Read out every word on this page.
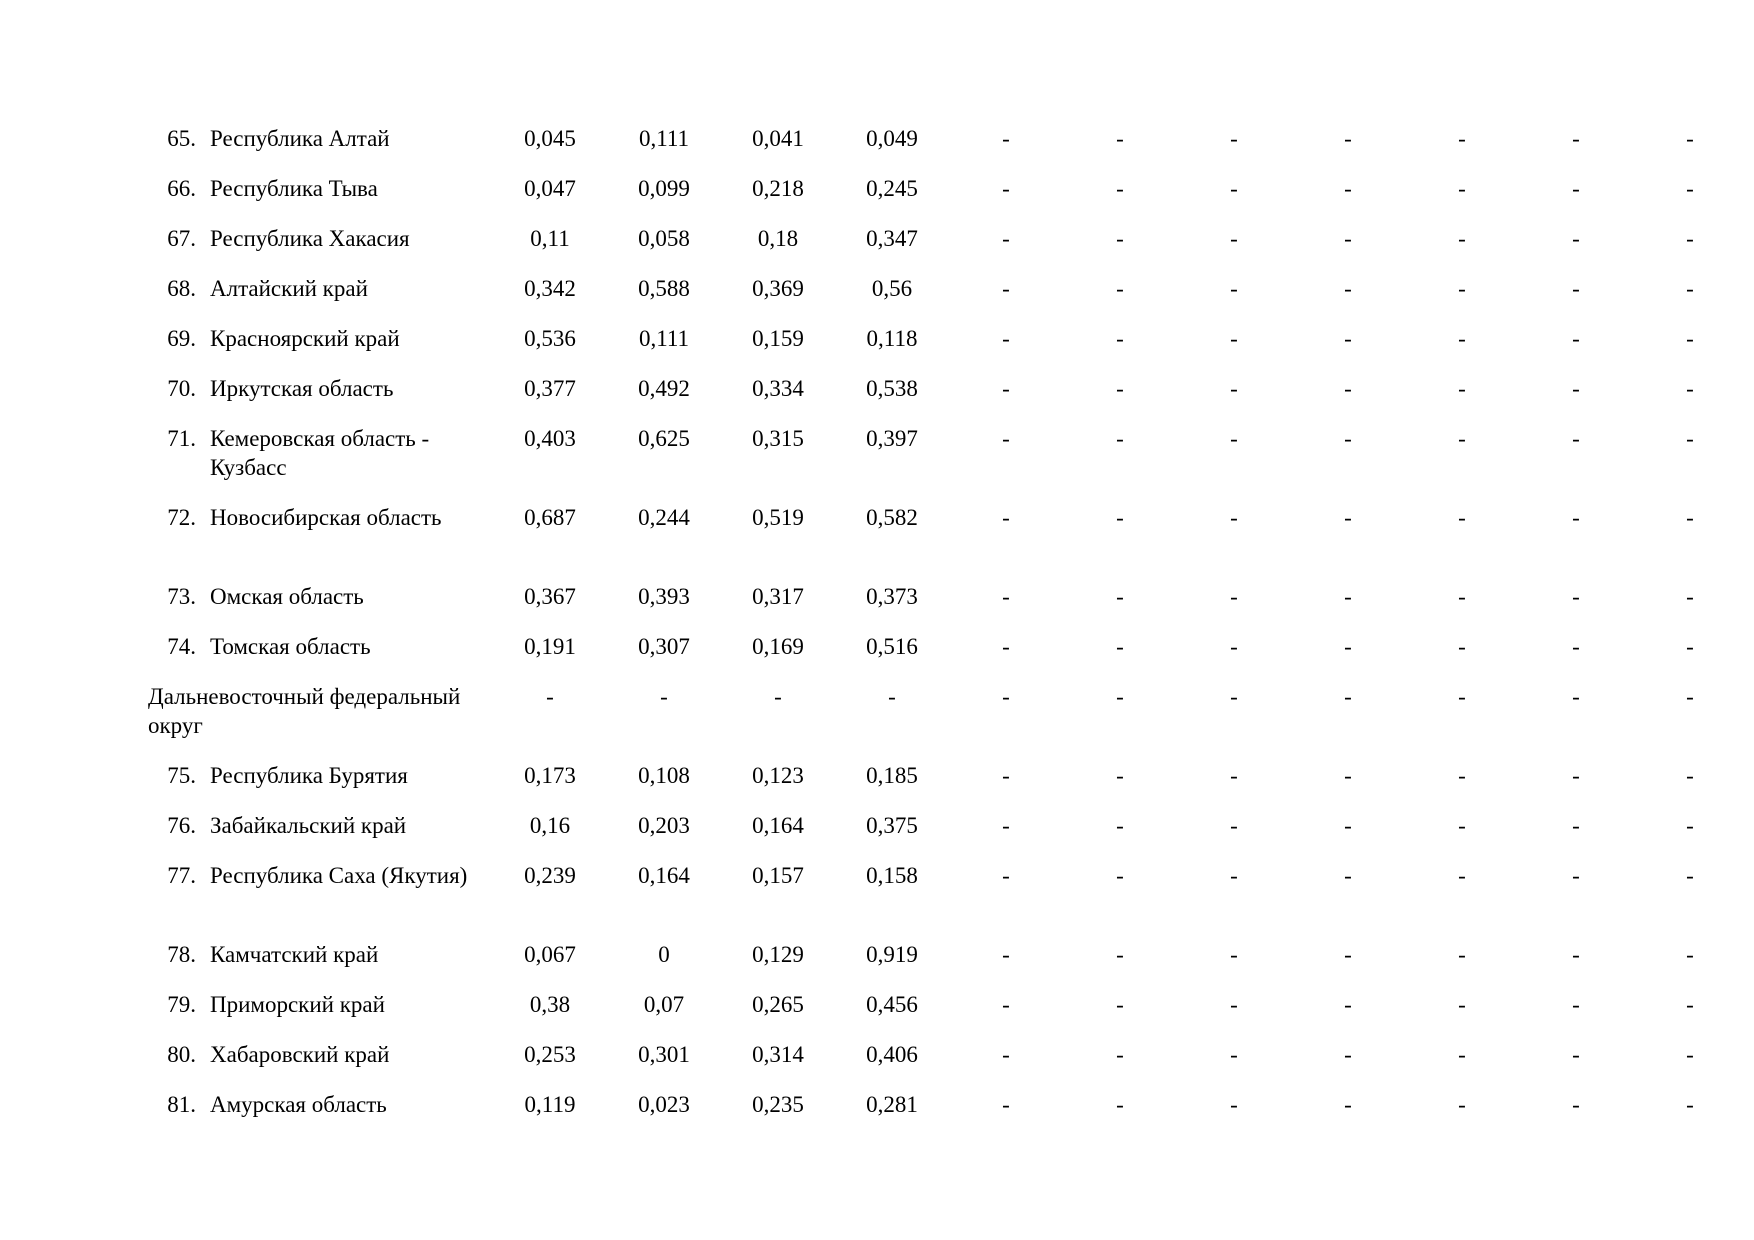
65.	Республика Алтай	0,045	0,111	0,041	0,049	-	-	-	-	-	-	-
66.	Республика Тыва	0,047	0,099	0,218	0,245	-	-	-	-	-	-	-
67.	Республика Хакасия	0,11	0,058	0,18	0,347	-	-	-	-	-	-	-
68.	Алтайский край	0,342	0,588	0,369	0,56	-	-	-	-	-	-	-
69.	Красноярский край	0,536	0,111	0,159	0,118	-	-	-	-	-	-	-
70.	Иркутская область	0,377	0,492	0,334	0,538	-	-	-	-	-	-	-
71.	Кемеровская область - Кузбасс	0,403	0,625	0,315	0,397	-	-	-	-	-	-	-
72.	Новосибирская область	0,687	0,244	0,519	0,582	-	-	-	-	-	-	-
73.	Омская область	0,367	0,393	0,317	0,373	-	-	-	-	-	-	-
74.	Томская область	0,191	0,307	0,169	0,516	-	-	-	-	-	-	-
Дальневосточный федеральный округ		-	-	-	-	-	-	-	-	-	-	-
75.	Республика Бурятия	0,173	0,108	0,123	0,185	-	-	-	-	-	-	-
76.	Забайкальский край	0,16	0,203	0,164	0,375	-	-	-	-	-	-	-
77.	Республика Саха (Якутия)	0,239	0,164	0,157	0,158	-	-	-	-	-	-	-
78.	Камчатский край	0,067	0	0,129	0,919	-	-	-	-	-	-	-
79.	Приморский край	0,38	0,07	0,265	0,456	-	-	-	-	-	-	-
80.	Хабаровский край	0,253	0,301	0,314	0,406	-	-	-	-	-	-	-
81.	Амурская область	0,119	0,023	0,235	0,281	-	-	-	-	-	-	-
